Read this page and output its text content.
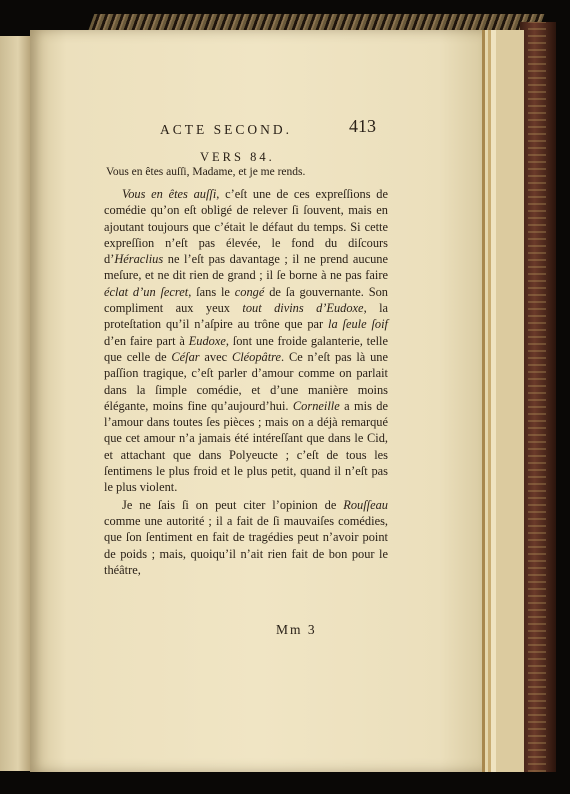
ACTE SECOND.	413
VERS 84.
Vous en êtes auſſi, Madame, et je me rends.

Vous en êtes auſſi, c’eſt une de ces expreſſions de comédie qu’on eſt obligé de relever ſi ſouvent, mais en ajoutant toujours que c’était le défaut du temps. Si cette expreſſion n’eſt pas élevée, le fond du diſcours d’Héraclius ne l’eſt pas davantage ; il ne prend aucune meſure, et ne dit rien de grand ; il ſe borne à ne pas faire éclat d’un ſecret, ſans le congé de ſa gouvernante. Son compliment aux yeux tout divins d’Eudoxe, la proteſtation qu’il n’aſpire au trône que par la ſeule ſoif d’en faire part à Eudoxe, ſont une froide galanterie, telle que celle de Céſar avec Cléopâtre. Ce n’eſt pas là une paſſion tragique, c’eſt parler d’amour comme on parlait dans la ſimple comédie, et d’une manière moins élégante, moins fine qu’aujourd’hui. Corneille a mis de l’amour dans toutes ſes pièces ; mais on a déjà remarqué que cet amour n’a jamais été intéreſſant que dans le Cid, et attachant que dans Polyeucte ; c’eſt de tous les ſentimens le plus froid et le plus petit, quand il n’eſt pas le plus violent.

Je ne ſais ſi on peut citer l’opinion de Rouſſeau comme une autorité ; il a fait de ſi mauvaiſes comédies, que ſon ſentiment en fait de tragédies peut n’avoir point de poids ; mais, quoiqu’il n’ait rien fait de bon pour le théâtre,

Mm 3
